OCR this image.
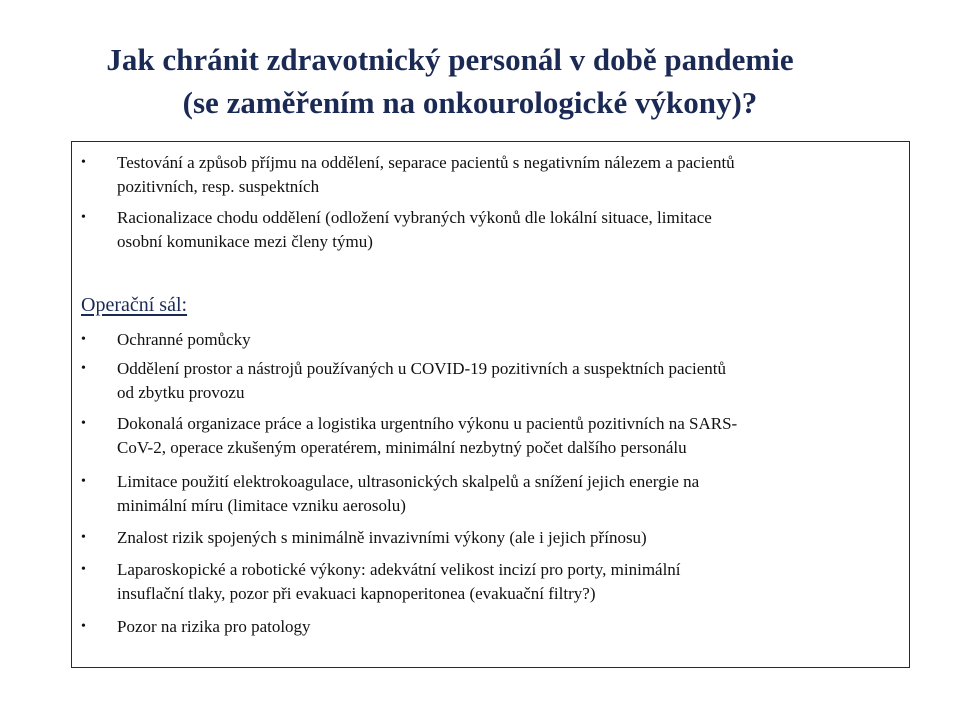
Jak chránit zdravotnický personál v době pandemie
(se zaměřením na onkourologické výkony)?
•	Testování a způsob příjmu na oddělení, separace pacientů s negativním nálezem a pacientů
pozitivních, resp. suspektních
•	Racionalizace chodu oddělení (odložení vybraných výkonů dle lokální situace, limitace
osobní komunikace mezi členy týmu)
Operační sál:
•	Ochranné pomůcky
•	Oddělení prostor a nástrojů používaných u COVID-19 pozitivních a suspektních pacientů
od zbytku provozu
•	Dokonalá organizace práce a logistika urgentního výkonu u pacientů pozitivních na SARS-
CoV-2, operace zkušeným operatérem, minimální nezbytný počet dalšího personálu
•	Limitace použití elektrokoagulace, ultrasonických skalpelů a snížení jejich energie na
minimální míru (limitace vzniku aerosolu)
•	Znalost rizik spojených s minimálně invazivními výkony (ale i jejich přínosu)
•	Laparoskopické a robotické výkony: adekvátní velikost incizí pro porty, minimální
insuflační tlaky, pozor při evakuaci kapnoperitonea (evakuační filtry?)
•	Pozor na rizika pro patology
